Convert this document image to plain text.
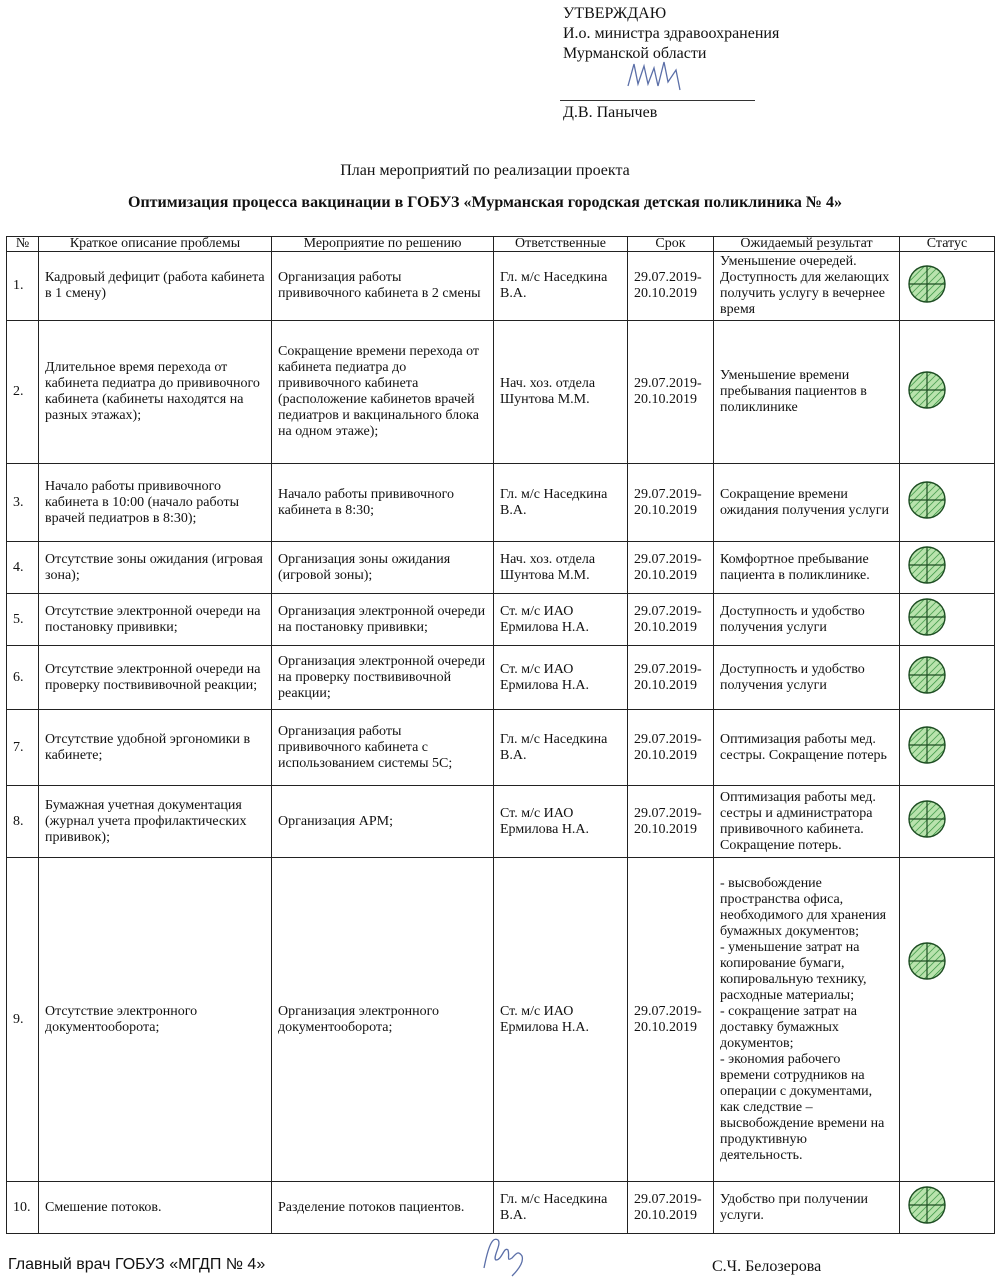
УТВЕРЖДАЮ
И.о. министра здравоохранения
Мурманской области
Д.В. Панычев
План мероприятий по реализации проекта
Оптимизация процесса вакцинации в ГОБУЗ «Мурманская городская детская поликлиника № 4»
№	Краткое описание проблемы	Мероприятие по решению	Ответственные	Срок	Ожидаемый результат	Статус
1.	Кадровый дефицит (работа кабинета в 1 смену)	Организация работы прививочного кабинета в 2 смены	Гл. м/с Наседкина В.А.	29.07.2019-20.10.2019	Уменьшение очередей. Доступность для желающих получить услугу в вечернее время	
2.	Длительное время перехода от кабинета педиатра до прививочного кабинета (кабинеты находятся на разных этажах);	Сокращение времени перехода от кабинета педиатра до прививочного кабинета (расположение кабинетов врачей педиатров и вакцинального блока на одном этаже);	Нач. хоз. отдела Шунтова М.М.	29.07.2019-20.10.2019	Уменьшение времени пребывания пациентов в поликлинике	
3.	Начало работы прививочного кабинета в 10:00 (начало работы врачей педиатров в 8:30);	Начало работы прививочного кабинета в 8:30;	Гл. м/с Наседкина В.А.	29.07.2019-20.10.2019	Сокращение времени ожидания получения услуги	
4.	Отсутствие зоны ожидания (игровая зона);	Организация зоны ожидания (игровой зоны);	Нач. хоз. отдела Шунтова М.М.	29.07.2019-20.10.2019	Комфортное пребывание пациента в поликлинике.	
5.	Отсутствие электронной очереди на постановку прививки;	Организация электронной очереди на постановку прививки;	Ст. м/с ИАО Ермилова Н.А.	29.07.2019-20.10.2019	Доступность и удобство получения услуги	
6.	Отсутствие электронной очереди на проверку поствививочной реакции;	Организация электронной очереди на проверку поствививочной реакции;	Ст. м/с ИАО Ермилова Н.А.	29.07.2019-20.10.2019	Доступность и удобство получения услуги	
7.	Отсутствие удобной эргономики в кабинете;	Организация работы прививочного кабинета с использованием системы 5С;	Гл. м/с Наседкина В.А.	29.07.2019-20.10.2019	Оптимизация работы мед. сестры. Сокращение потерь	
8.	Бумажная учетная документация (журнал учета профилактических прививок);	Организация АРМ;	Ст. м/с ИАО Ермилова Н.А.	29.07.2019-20.10.2019	Оптимизация работы мед. сестры и администратора прививочного кабинета. Сокращение потерь.	
9.	Отсутствие электронного документооборота;	Организация электронного документооборота;	Ст. м/с ИАО Ермилова Н.А.	29.07.2019-20.10.2019	- высвобождение пространства офиса, необходимого для хранения бумажных документов;
- уменьшение затрат на копирование бумаги, копировальную технику, расходные материалы;
- сокращение затрат на доставку бумажных документов;
- экономия рабочего времени сотрудников на операции с документами, как следствие – высвобождение времени на продуктивную деятельность.

10.	Смешение потоков.	Разделение потоков пациентов.	Гл. м/с Наседкина В.А.	29.07.2019-20.10.2019	Удобство при получении услуги.	
Главный врач ГОБУЗ «МГДП № 4»	С.Ч. Белозерова
